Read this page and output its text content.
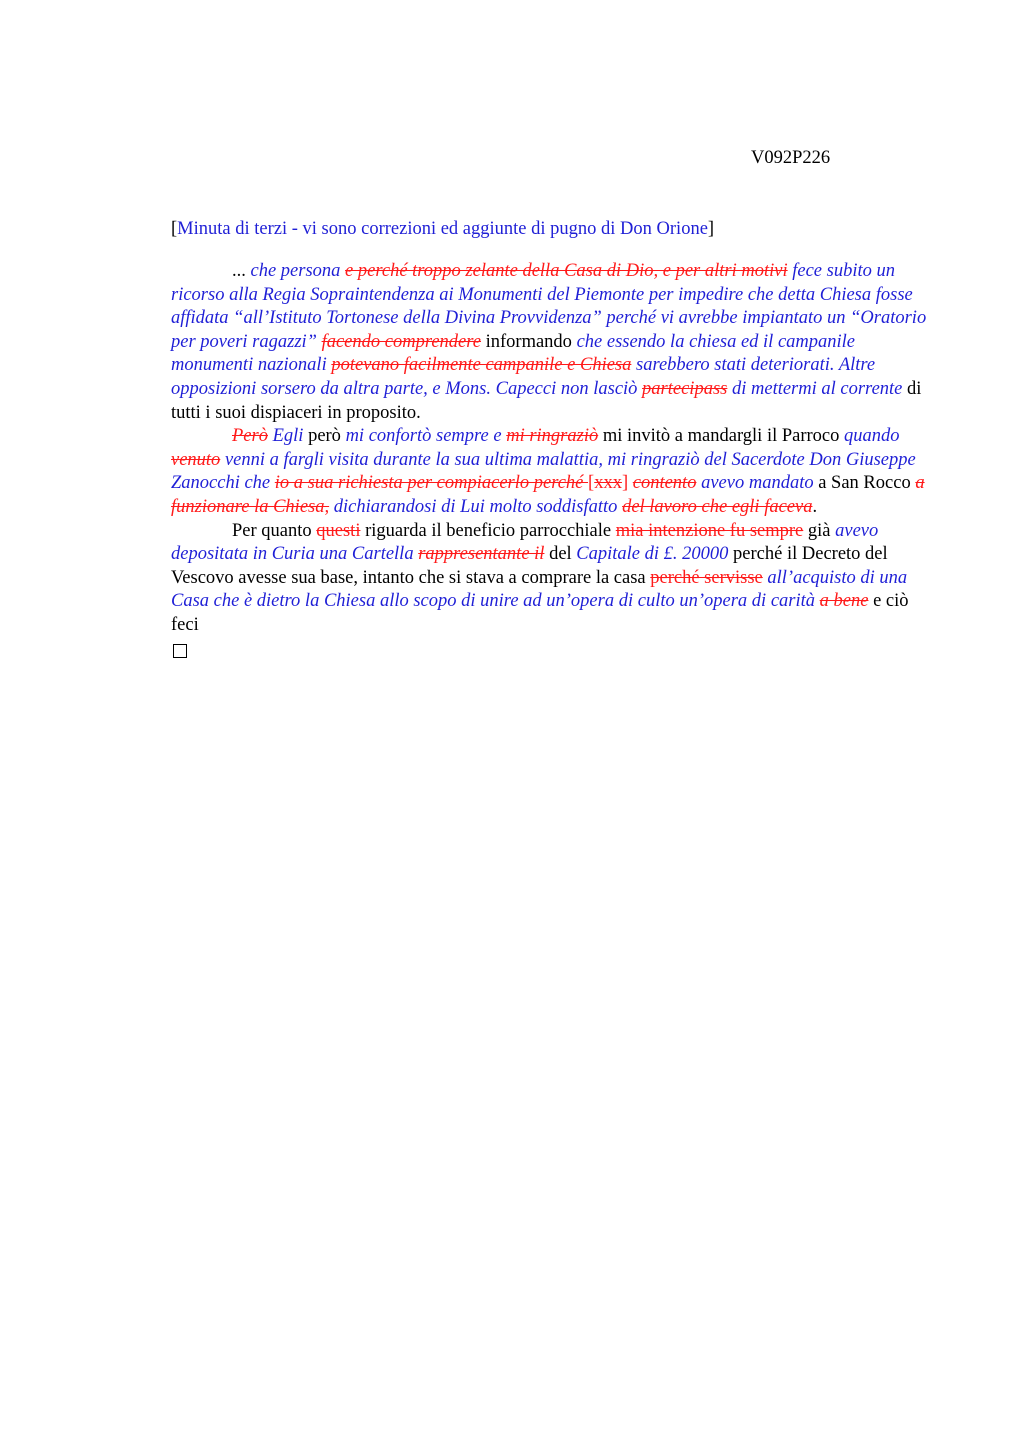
V092P226
[Minuta di terzi - vi sono correzioni ed aggiunte di pugno di Don Orione]

... che persona e perché troppo zelante della Casa di Dio, e per altri motivi fece subito un ricorso alla Regia Sopraintendenza ai Monumenti del Piemonte per impedire che detta Chiesa fosse affidata “all’Istituto Tortonese della Divina Provvidenza” perché vi avrebbe impiantato un “Oratorio per poveri ragazzi” facendo comprendere informando che essendo la chiesa ed il campanile monumenti nazionali potevano facilmente campanile e Chiesa sarebbero stati deteriorati. Altre opposizioni sorsero da altra parte, e Mons. Capecci non lasciò partecipass di mettermi al corrente di tutti i suoi dispiaceri in proposito.

Però Egli però mi confortò sempre e mi ringraziò mi invitò a mandargli il Parroco quando venuto venni a fargli visita durante la sua ultima malattia, mi ringraziò del Sacerdote Don Giuseppe Zanocchi che io a sua richiesta per compiacerlo perché [xxx] contento avevo mandato a San Rocco a funzionare la Chiesa, dichiarandosi di Lui molto soddisfatto del lavoro che egli faceva.

Per quanto questi riguarda il beneficio parrocchiale mia intenzione fu sempre già avevo depositata in Curia una Cartella rappresentante il del Capitale di £. 20000 perché il Decreto del Vescovo avesse sua base, intanto che si stava a comprare la casa perché servisse all’acquisto di una Casa che è dietro la Chiesa allo scopo di unire ad un’opera di culto un’opera di carità a bene e ciò feci
